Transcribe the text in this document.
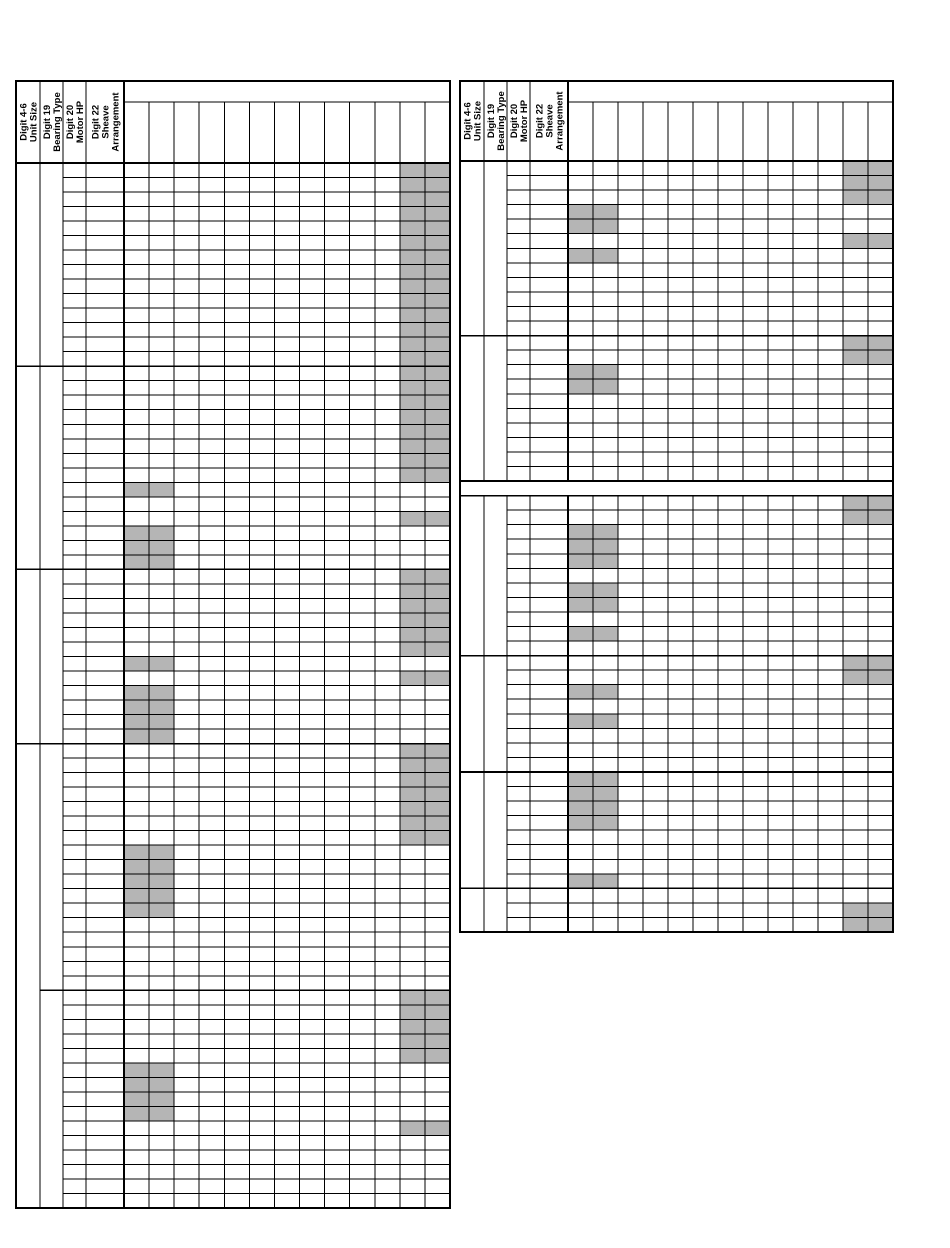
Digit 4-6Unit Size Digit 19Bearing Type Digit 20Motor HP Digit 22SheaveArrangement	Digit 4-6Unit Size Digit 19Bearing Type Digit 20Motor HP Digit 22SheaveArrangement
